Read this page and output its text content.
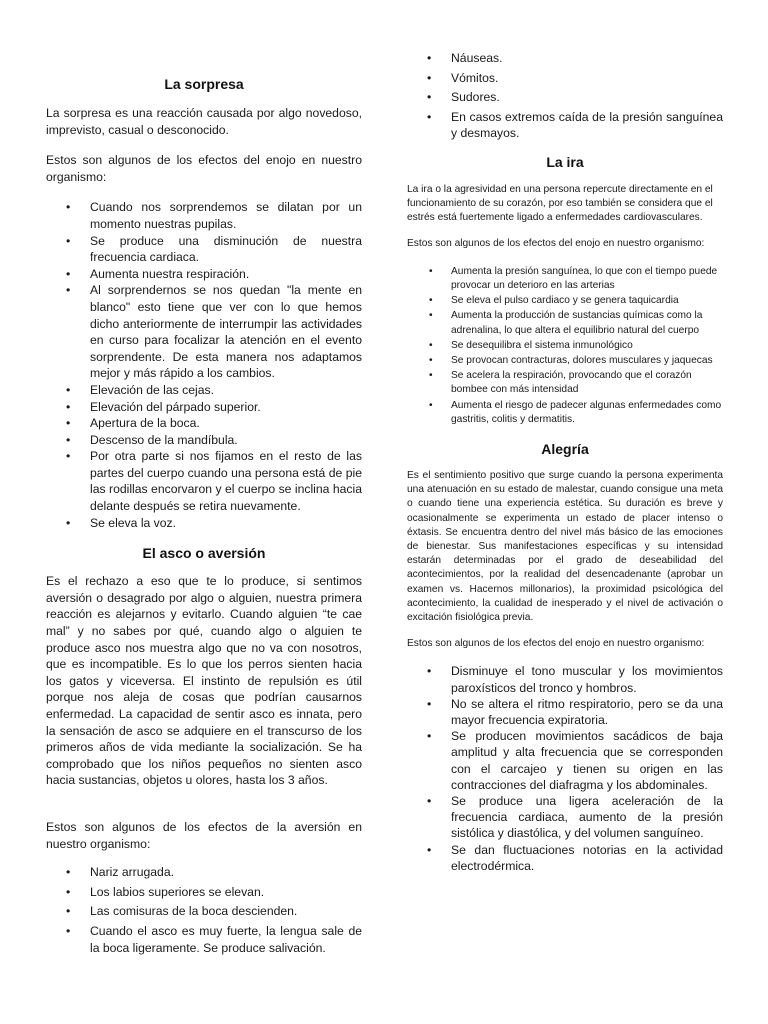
La sorpresa

La sorpresa es una reacción causada por algo novedoso, imprevisto, casual o desconocido.

Estos son algunos de los efectos del enojo en nuestro organismo:

• Cuando nos sorprendemos se dilatan por un momento nuestras pupilas.
• Se produce una disminución de nuestra frecuencia cardiaca.
• Aumenta nuestra respiración.
• Al sorprendernos se nos quedan "la mente en blanco" esto tiene que ver con lo que hemos dicho anteriormente de interrumpir las actividades en curso para focalizar la atención en el evento sorprendente. De esta manera nos adaptamos mejor y más rápido a los cambios.
• Elevación de las cejas.
• Elevación del párpado superior.
• Apertura de la boca.
• Descenso de la mandíbula.
• Por otra parte si nos fijamos en el resto de las partes del cuerpo cuando una persona está de pie las rodillas encorvaron y el cuerpo se inclina hacia delante después se retira nuevamente.
• Se eleva la voz.
El asco o aversión

Es el rechazo a eso que te lo produce, si sentimos aversión o desagrado por algo o alguien, nuestra primera reacción es alejarnos y evitarlo. Cuando alguien “te cae mal” y no sabes por qué, cuando algo o alguien te produce asco nos muestra algo que no va con nosotros, que es incompatible. Es lo que los perros sienten hacia los gatos y viceversa. El instinto de repulsión es útil porque nos aleja de cosas que podrían causarnos enfermedad. La capacidad de sentir asco es innata, pero la sensación de asco se adquiere en el transcurso de los primeros años de vida mediante la socialización. Se ha comprobado que los niños pequeños no sienten asco hacia sustancias, objetos u olores, hasta los 3 años.

Estos son algunos de los efectos de la aversión en nuestro organismo:

• Nariz arrugada.
• Los labios superiores se elevan.
• Las comisuras de la boca descienden.
• Cuando el asco es muy fuerte, la lengua sale de la boca ligeramente. Se produce salivación.
• Náuseas.
• Vómitos.
• Sudores.
• En casos extremos caída de la presión sanguínea y desmayos.
La ira

La ira o la agresividad en una persona repercute directamente en el funcionamiento de su corazón, por eso también se considera que el estrés está fuertemente ligado a enfermedades cardiovasculares.

Estos son algunos de los efectos del enojo en nuestro organismo:

• Aumenta la presión sanguínea, lo que con el tiempo puede provocar un deterioro en las arterias
• Se eleva el pulso cardiaco y se genera taquicardia
• Aumenta la producción de sustancias químicas como la adrenalina, lo que altera el equilibrio natural del cuerpo
• Se desequilibra el sistema inmunológico
• Se provocan contracturas, dolores musculares y jaquecas
• Se acelera la respiración, provocando que el corazón bombee con más intensidad
• Aumenta el riesgo de padecer algunas enfermedades como gastritis, colitis y dermatitis.
Alegría

Es el sentimiento positivo que surge cuando la persona experimenta una atenuación en su estado de malestar, cuando consigue una meta o cuando tiene una experiencia estética. Su duración es breve y ocasionalmente se experimenta un estado de placer intenso o éxtasis. Se encuentra dentro del nivel más básico de las emociones de bienestar. Sus manifestaciones específicas y su intensidad estarán determinadas por el grado de deseabilidad del acontecimientos, por la realidad del desencadenante (aprobar un examen vs. Hacernos millonarios), la proximidad psicológica del acontecimiento, la cualidad de inesperado y el nivel de activación o excitación fisiológica previa.

Estos son algunos de los efectos del enojo en nuestro organismo:

• Disminuye el tono muscular y los movimientos paroxísticos del tronco y hombros.
• No se altera el ritmo respiratorio, pero se da una mayor frecuencia expiratoria.
• Se producen movimientos sacádicos de baja amplitud y alta frecuencia que se corresponden con el carcajeo y tienen su origen en las contracciones del diafragma y los abdominales.
• Se produce una ligera aceleración de la frecuencia cardiaca, aumento de la presión sistólica y diastólica, y del volumen sanguíneo.
• Se dan fluctuaciones notorias en la actividad electrodérmica.
